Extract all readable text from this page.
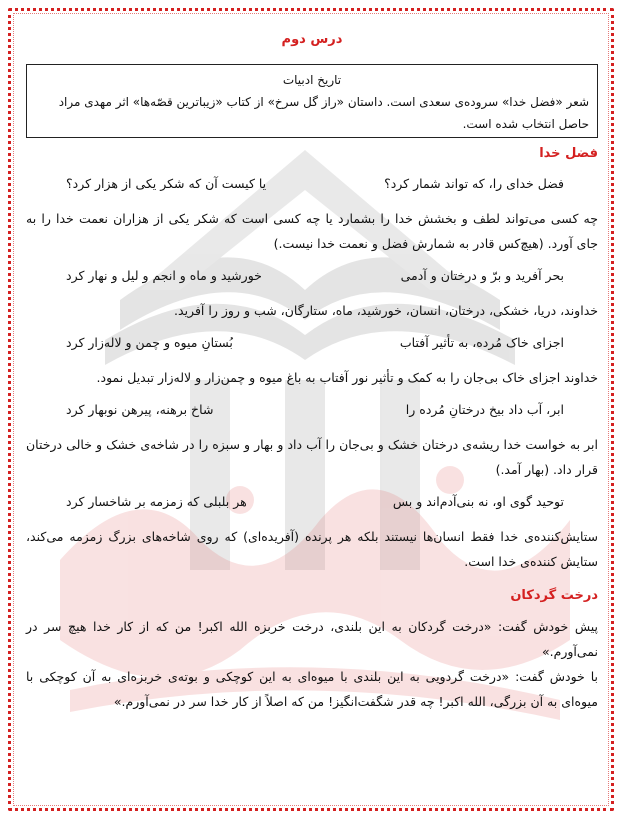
درس دوم
تاریخ ادبیات
شعر «فضل خدا» سروده‌ی سعدی است. داستان «راز گل سرخ» از کتاب «زیباترین قصّه‌ها» اثر مهدی مراد حاصل انتخاب شده است.
فضل خدا
فضل خدای را، که تواند شمار کرد؟
یا کیست آن که شکر یکی از هزار کرد؟
چه کسی می‌تواند لطف و بخشش خدا را بشمارد یا چه کسی است که شکر یکی از هزاران نعمت خدا را به جای آورد. (هیچ‌کس قادر به شمارش فضل و نعمت خدا نیست.)
بحر آفرید و برّ و درختان و آدمی
خورشید و ماه و انجم و لیل و نهار کرد
خداوند، دریا، خشکی، درختان، انسان، خورشید، ماه، ستارگان، شب و روز را آفرید.
اجزای خاک مُرده، به تأثیر آفتاب
بُستانِ میوه و چمن و لاله‌زار کرد
خداوند اجزای خاک بی‌جان را به کمک و تأثیر نور آفتاب به باغ میوه و چمن‌زار و لاله‌زار تبدیل نمود.
ابر، آب داد بیخ درختانِ مُرده را
شاخ برهنه، پیرهن نوبهار کرد
ابر به خواست خدا ریشه‌ی درختان خشک و بی‌جان را آب داد و بهار و سبزه را در شاخه‌ی خشک و خالی درختان قرار داد. (بهار آمد.)
توحید گوی او، نه بنی‌آدم‌اند و بس
هر بلبلی که زمزمه بر شاخسار کرد
ستایش‌کننده‌ی خدا فقط انسان‌ها نیستند بلکه هر پرنده (آفریده‌ای) که روی شاخه‌های بزرگ زمزمه می‌کند، ستایش کننده‌ی خدا است.
درخت گردکان
پیش خودش گفت: «درخت گردکان به این بلندی، درخت خربزه الله اکبر! من که از کار خدا هیچ سر در نمی‌آورم.»
با خودش گفت: «درخت گردویی به این بلندی با میوه‌ای به این کوچکی و بوته‌ی خربزه‌ای به آن کوچکی با میوه‌ای به آن بزرگی، الله اکبر! چه قدر شگفت‌انگیز! من که اصلاً از کار خدا سر در نمی‌آورم.»
